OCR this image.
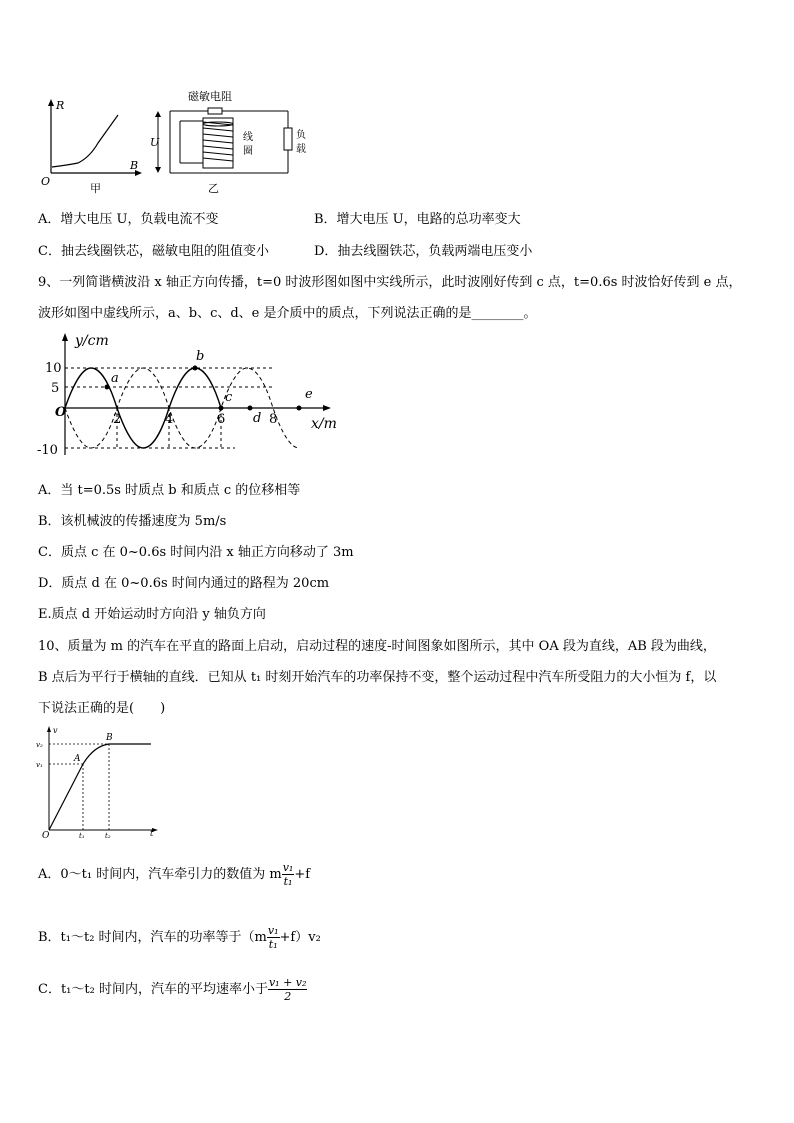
R
B
O
甲
磁敏电阻
U	线
圈
负
载
乙
A．增大电压 U，负载电流不变	B．增大电压 U，电路的总功率变大
C．抽去线圈铁芯，磁敏电阻的阻值变小	D．抽去线圈铁芯，负载两端电压变小
9、一列简谐横波沿 x 轴正方向传播，t=0 时波形图如图中实线所示，此时波刚好传到 c 点，t=0.6s 时波恰好传到 e 点，
波形如图中虚线所示，a、b、c、d、e 是介质中的质点，下列说法正确的是________。
y/cm
x/m
O
10
5
-10
2	4	6	8
a
b
c
d
e
A．当 t=0.5s 时质点 b 和质点 c 的位移相等
B．该机械波的传播速度为 5m/s
C．质点 c 在 0~0.6s 时间内沿 x 轴正方向移动了 3m
D．质点 d 在 0~0.6s 时间内通过的路程为 20cm
E.质点 d 开始运动时方向沿 y 轴负方向
10、质量为 m 的汽车在平直的路面上启动，启动过程的速度-时间图象如图所示，其中 OA 段为直线，AB 段为曲线，
B 点后为平行于横轴的直线．已知从 t₁ 时刻开始汽车的功率保持不变，整个运动过程中汽车所受阻力的大小恒为 f，以
下说法正确的是(　　)
v
t
O
A
B
v₁
v₂
t₁	t₂
A．0～t₁ 时间内，汽车牵引力的数值为 m $\frac{\text{v₁}}{\text{t₁}} +f$
B．t₁～t₂ 时间内，汽车的功率等于$(m \frac{\text{v₁}}{\text{t₁}} +f)v_2$
C．t₁～t₂ 时间内，汽车的平均速率小于 $\frac{\text{v₁ + v₂}}{2}$
